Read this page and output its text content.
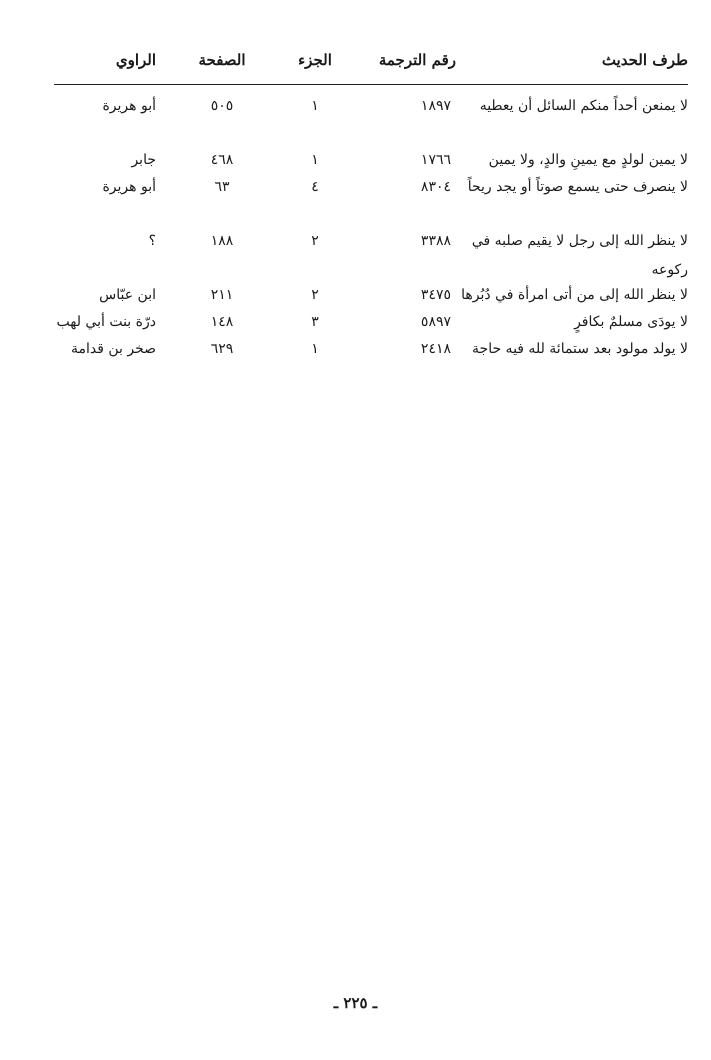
طرف الحديث
رقم الترجمة
الجزء
الصفحة
الراوي
لا يمنعن أحداً منكم السائل أن يعطيه
١٨٩٧
١
٥٠٥
أبو هريرة
لا يمين لولدٍ مع يمينِ والدٍ، ولا يمين
١٧٦٦
١
٤٦٨
جابر
لا ينصرف حتى يسمع صوتاً أو يجد ريحاً
٨٣٠٤
٤
٦٣
أبو هريرة
لا ينظر الله إلى رجل لا يقيم صلبه في ركوعه
٣٣٨٨
٢
١٨٨
؟
لا ينظر الله إلى من أتى امرأة في دُبُرها
٣٤٧٥
٢
٢١١
ابن عبّاس
لا يودَى مسلمٌ بكافرٍ
٥٨٩٧
٣
١٤٨
درّة بنت أبي لهب
لا يولد مولود بعد ستمائة لله فيه حاجة
٢٤١٨
١
٦٢٩
صخر بن قدامة
ـ ٢٢٥ ـ
